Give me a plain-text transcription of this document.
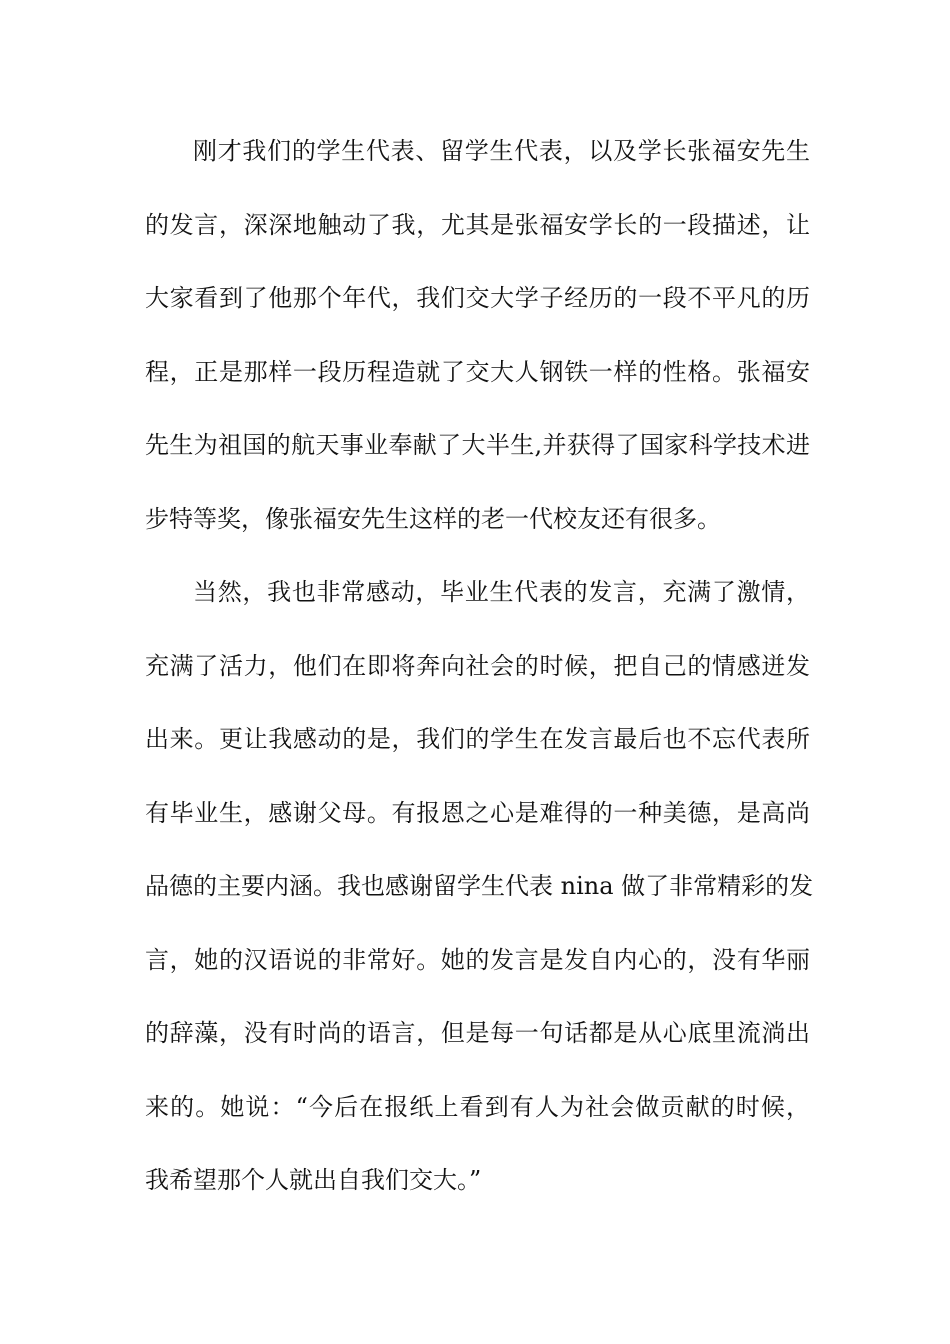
刚才我们的学生代表、留学生代表，以及学长张福安先生
的发言，深深地触动了我，尤其是张福安学长的一段描述，让
大家看到了他那个年代，我们交大学子经历的一段不平凡的历
程，正是那样一段历程造就了交大人钢铁一样的性格。张福安
先生为祖国的航天事业奉献了大半生,并获得了国家科学技术进
步特等奖，像张福安先生这样的老一代校友还有很多。
当然，我也非常感动，毕业生代表的发言，充满了激情，
充满了活力，他们在即将奔向社会的时候，把自己的情感迸发
出来。更让我感动的是，我们的学生在发言最后也不忘代表所
有毕业生，感谢父母。有报恩之心是难得的一种美德，是高尚
品德的主要内涵。我也感谢留学生代表 nina 做了非常精彩的发
言，她的汉语说的非常好。她的发言是发自内心的，没有华丽
的辞藻，没有时尚的语言，但是每一句话都是从心底里流淌出
来的。她说：“今后在报纸上看到有人为社会做贡献的时候，
我希望那个人就出自我们交大。”
